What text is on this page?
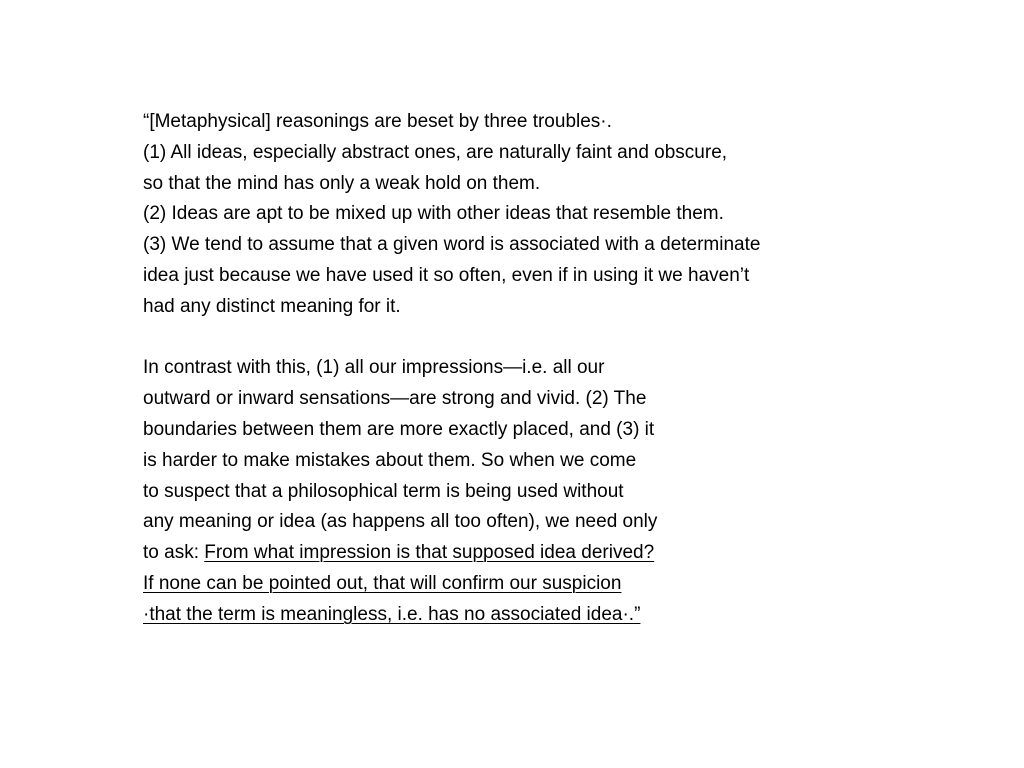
“[Metaphysical] reasonings are beset by three troubles·.
(1) All ideas, especially abstract ones, are naturally faint and obscure,
so that the mind has only a weak hold on them.
(2) Ideas are apt to be mixed up with other ideas that resemble them.
(3) We tend to assume that a given word is associated with a determinate
idea just because we have used it so often, even if in using it we haven’t
had any distinct meaning for it.
In contrast with this, (1) all our impressions—i.e. all our
outward or inward sensations—are strong and vivid. (2) The
boundaries between them are more exactly placed, and (3) it
is harder to make mistakes about them. So when we come
to suspect that a philosophical term is being used without
any meaning or idea (as happens all too often), we need only
to ask: From what impression is that supposed idea derived?
If none can be pointed out, that will confirm our suspicion
·that the term is meaningless, i.e. has no associated idea·.”
